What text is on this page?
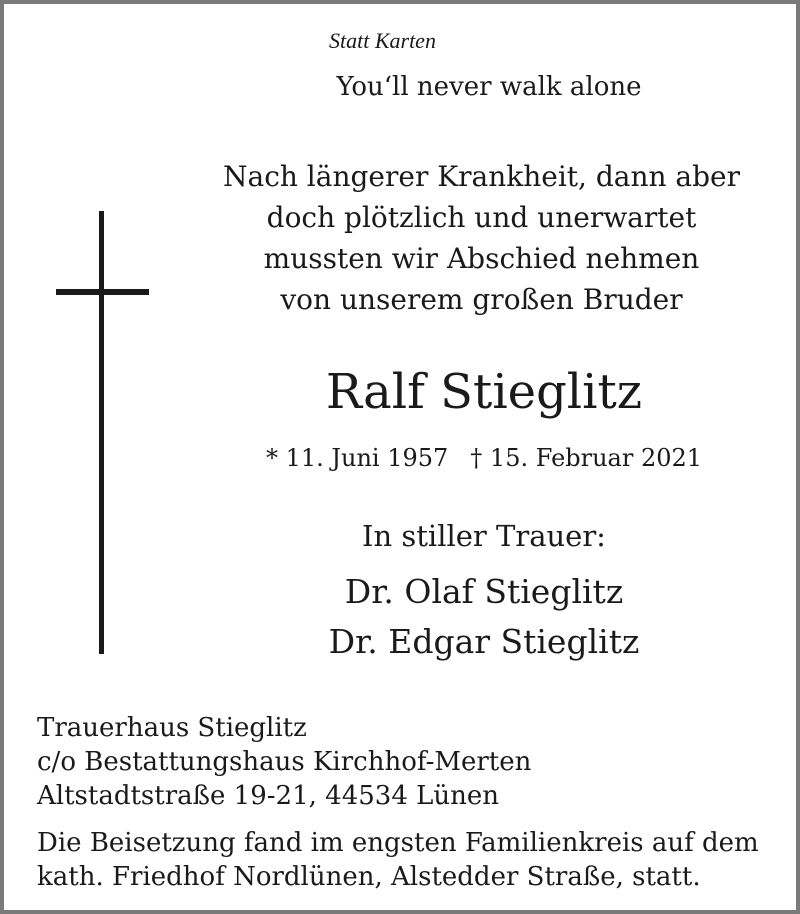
Statt Karten
You‘ll never walk alone
Nach längerer Krankheit, dann aber
doch plötzlich und unerwartet
mussten wir Abschied nehmen
von unserem großen Bruder
Ralf Stieglitz
* 11. Juni 1957 † 15. Februar 2021
In stiller Trauer:
Dr. Olaf Stieglitz
Dr. Edgar Stieglitz
Trauerhaus Stieglitz
c/o Bestattungshaus Kirchhof-Merten
Altstadtstraße 19-21, 44534 Lünen
Die Beisetzung fand im engsten Familienkreis auf dem
kath. Friedhof Nordlünen, Alstedder Straße, statt.
